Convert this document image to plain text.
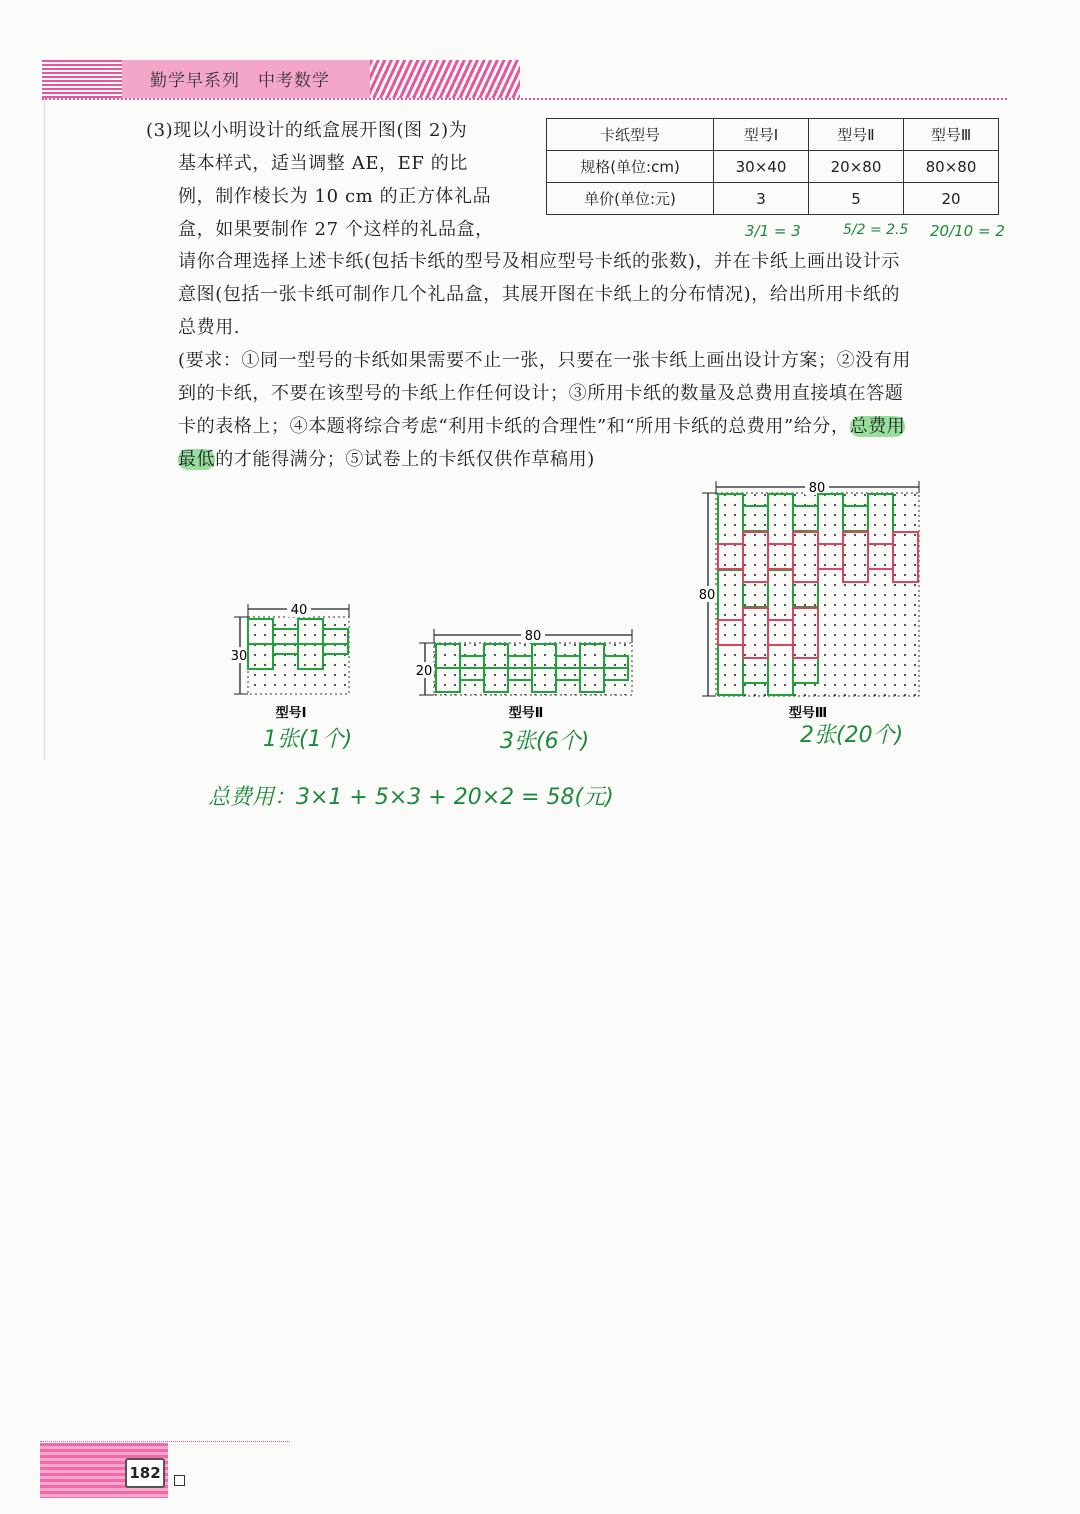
勤学早系列　中考数学
(3)现以小明设计的纸盒展开图(图 2)为
基本样式，适当调整 AE，EF 的比
例，制作棱长为 10 cm 的正方体礼品
盒，如果要制作 27 个这样的礼品盒，
卡纸型号	型号Ⅰ	型号Ⅱ	型号Ⅲ
规格(单位:cm)	30×40	20×80	80×80
单价(单位:元)	3	5	20
3/1 = 3	5/2 = 2.5 20/10 = 2
请你合理选择上述卡纸(包括卡纸的型号及相应型号卡纸的张数)，并在卡纸上画出设计示
意图(包括一张卡纸可制作几个礼品盒，其展开图在卡纸上的分布情况)，给出所用卡纸的
总费用.
(要求：①同一型号的卡纸如果需要不止一张，只要在一张卡纸上画出设计方案；②没有用
到的卡纸，不要在该型号的卡纸上作任何设计；③所用卡纸的数量及总费用直接填在答题
卡的表格上；④本题将综合考虑“利用卡纸的合理性”和“所用卡纸的总费用”给分，总费用
最低的才能得满分；⑤试卷上的卡纸仅供作草稿用)
40
30
型号Ⅰ
80
20
型号Ⅱ
80
80
型号Ⅲ
1张(1个)	3张(6个)	2张(20个)
总费用：3×1 + 5×3 + 20×2 = 58(元)
182
